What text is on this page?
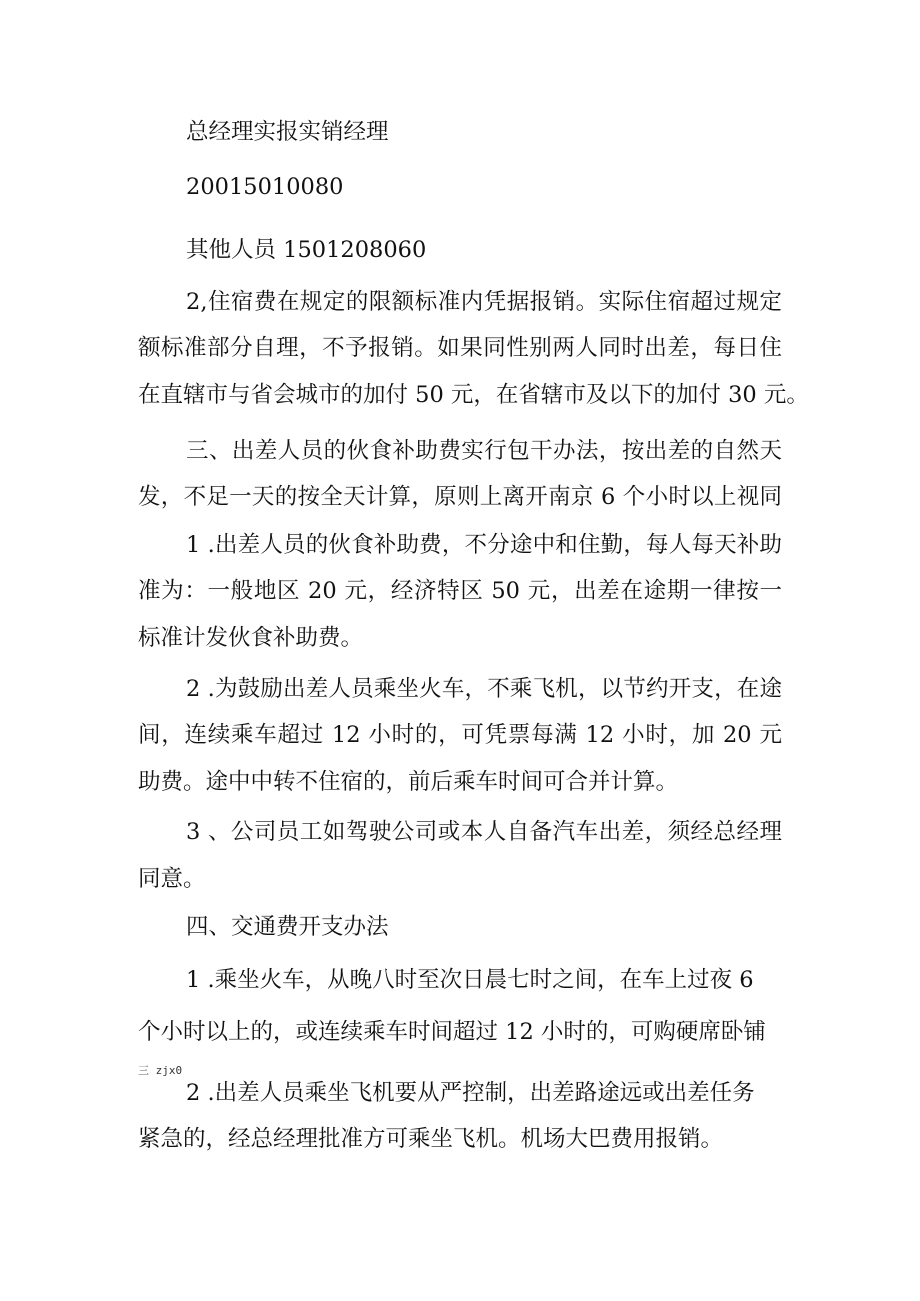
总经理实报实销经理
20015010080
其他人员 1501208060
2,住宿费在规定的限额标准内凭据报销。实际住宿超过规定
额标准部分自理，不予报销。如果同性别两人同时出差，每日住
在直辖市与省会城市的加付 50 元，在省辖市及以下的加付 30 元。
三、出差人员的伙食补助费实行包干办法，按出差的自然天
发，不足一天的按全天计算，原则上离开南京 6 个小时以上视同
1 .出差人员的伙食补助费，不分途中和住勤，每人每天补助
准为：一般地区 20 元，经济特区 50 元，出差在途期一律按一
标准计发伙食补助费。
2 .为鼓励出差人员乘坐火车，不乘飞机，以节约开支，在途
间，连续乘车超过 12 小时的，可凭票每满 12 小时，加 20 元
助费。途中中转不住宿的，前后乘车时间可合并计算。
3 、公司员工如驾驶公司或本人自备汽车出差，须经总经理
同意。
四、交通费开支办法
1 .乘坐火车，从晚八时至次日晨七时之间，在车上过夜 6
个小时以上的，或连续乘车时间超过 12 小时的，可购硬席卧铺
三 zjx0
2 .出差人员乘坐飞机要从严控制，出差路途远或出差任务
紧急的，经总经理批准方可乘坐飞机。机场大巴费用报销。
